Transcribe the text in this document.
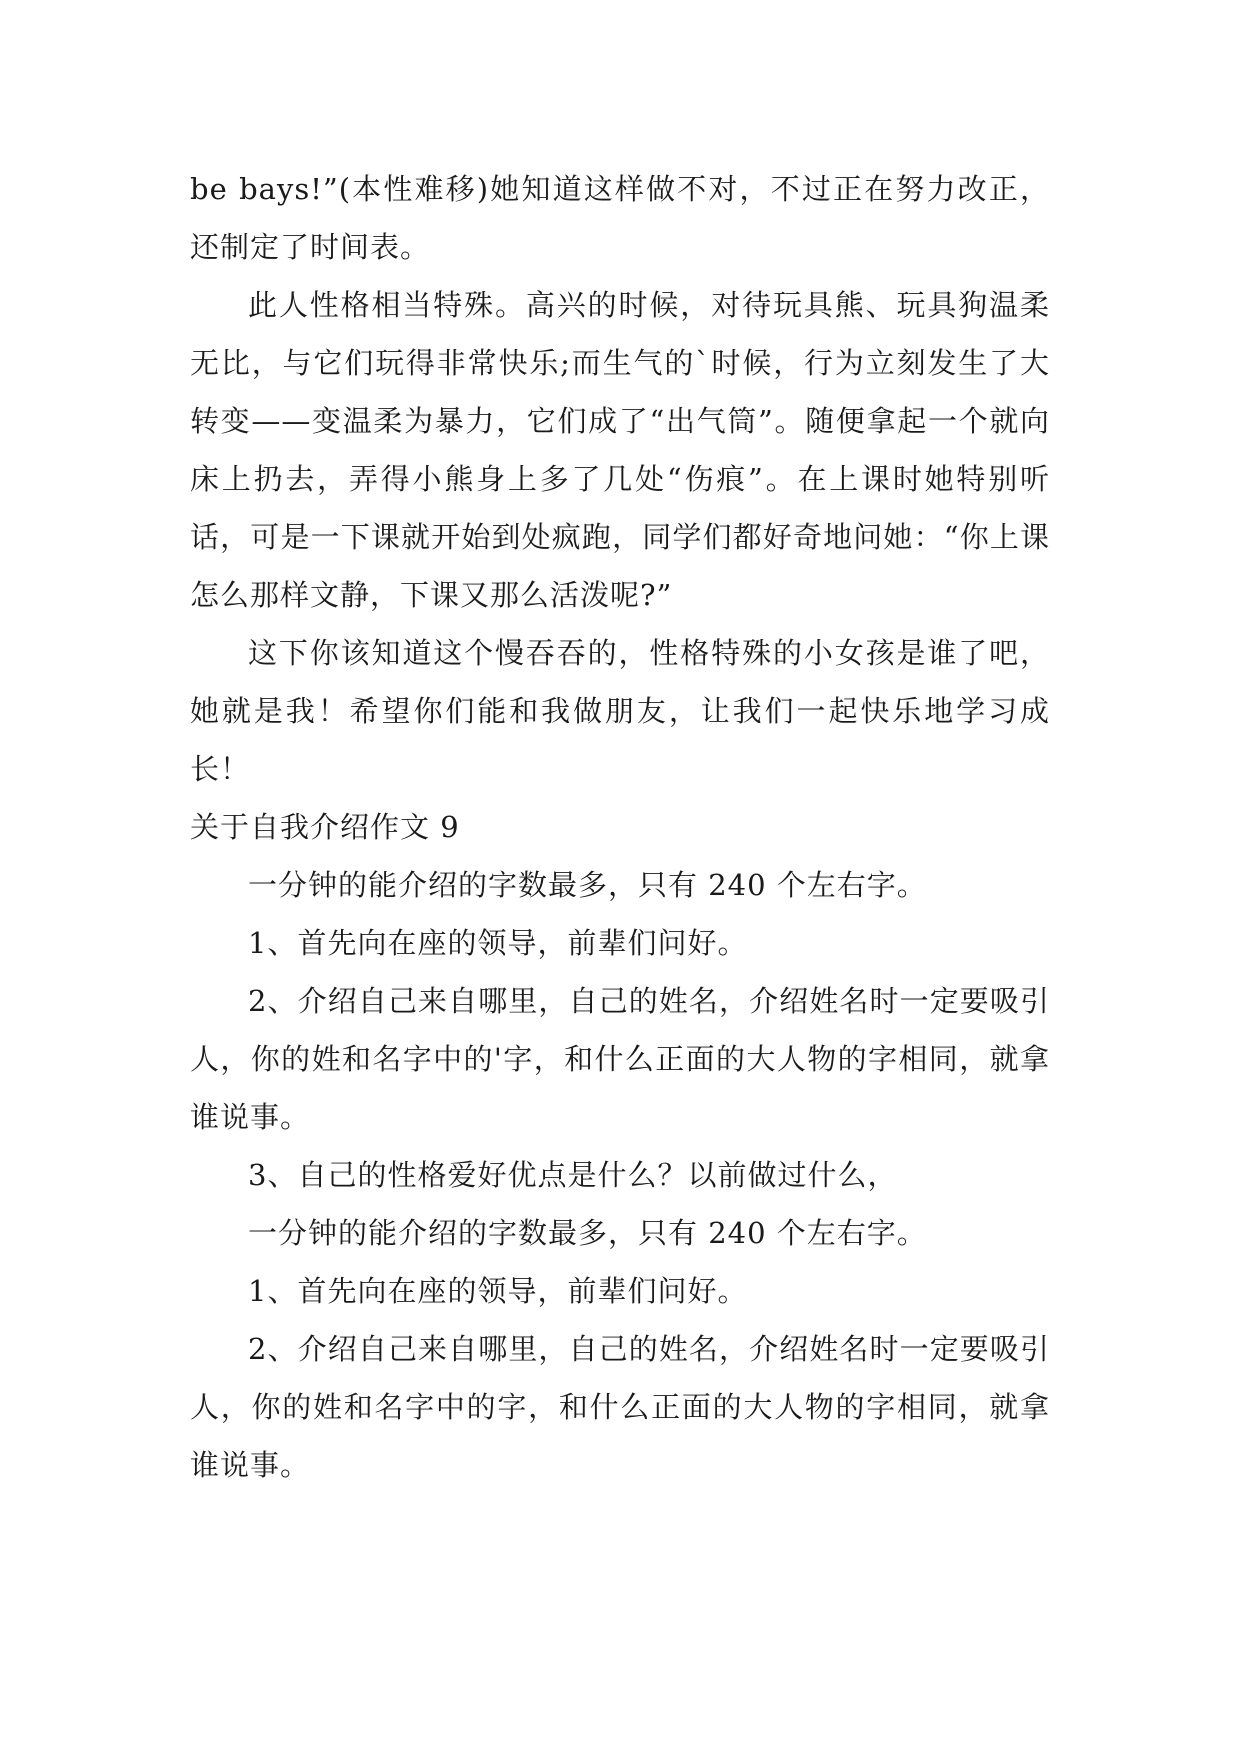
be bays!”(本性难移)她知道这样做不对，不过正在努力改正，还制定了时间表。

此人性格相当特殊。高兴的时候，对待玩具熊、玩具狗温柔无比，与它们玩得非常快乐;而生气的`时候，行为立刻发生了大转变——变温柔为暴力，它们成了“出气筒”。随便拿起一个就向床上扔去，弄得小熊身上多了几处“伤痕”。在上课时她特别听话，可是一下课就开始到处疯跑，同学们都好奇地问她：“你上课怎么那样文静，下课又那么活泼呢?”

这下你该知道这个慢吞吞的，性格特殊的小女孩是谁了吧，她就是我！希望你们能和我做朋友，让我们一起快乐地学习成长！

关于自我介绍作文 9

一分钟的能介绍的字数最多，只有 240 个左右字。

1、首先向在座的领导，前辈们问好。

2、介绍自己来自哪里，自己的姓名，介绍姓名时一定要吸引人，你的姓和名字中的'字，和什么正面的大人物的字相同，就拿谁说事。

3、自己的性格爱好优点是什么？以前做过什么，

一分钟的能介绍的字数最多，只有 240 个左右字。

1、首先向在座的领导，前辈们问好。

2、介绍自己来自哪里，自己的姓名，介绍姓名时一定要吸引人，你的姓和名字中的字，和什么正面的大人物的字相同，就拿谁说事。
